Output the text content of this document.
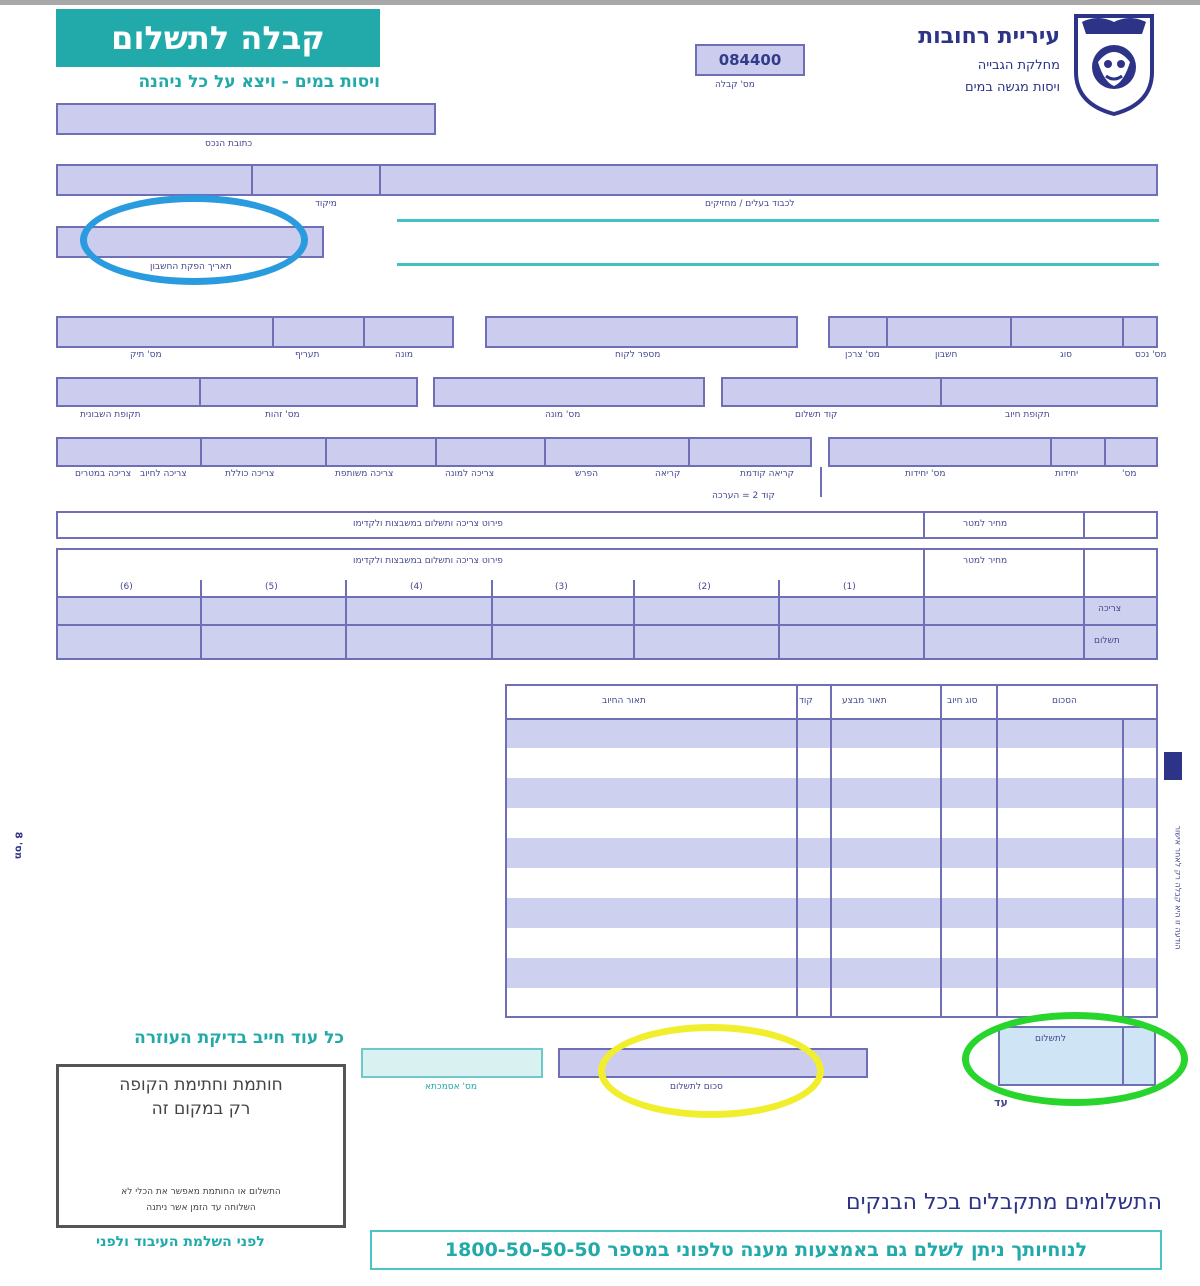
קבלה לתשלום
ויסות במים - ויצא על כל ניהנה
084400
מס' קבלה
עיריית רחובות
מחלקת הגבייה
ויסות מגשה במים
כתובת הנכס
לכבוד בעלים / מחזיקים
מיקוד
תאריך הפקת החשבון
מס' נכס
סוג
חשבון
מס' צרכן
מספר לקוח
מונה
תעריף
מס' תיק
תקופת חיוב
קוד תשלום
מס' מונה
מס' זהות
תקופת השבונית
מס'
יחידות
מס' יחידות
קריאה קודמת
קריאה
הפרש
צריכה למונה
צריכה משותפת
צריכה כוללת
צריכה לחיוב
צריכה במטרים
קוד 2 = הערכה
פירוט צריכה ותשלום במשבצות ולקדימו	מחיר למטר
פירוט צריכה ותשלום במשבצות ולקדימו	מחיר למטר
(6)	(5)	(4)	(3)	(2)	(1)
צריכה
תשלום
תאור החיוב	קוד	תאור מבצע	סוג חיוב	הסכום
הודעה זו היא קבלה רק לאחר אישור
מס' 8
כל עוד חייב בדיקת העוזרה
חותמת וחתימת הקופה
רק במקום זה
התשלום או החותמת מאפשר את הכלי לא
השלוחה עד הזמן אשר ניתנה
לפני השלמת העיבוד ולפני
מס' אסמכתא	סכום לתשלום
לתשלום
עד
התשלומים מתקבלים בכל הבנקים
לנוחיותך ניתן לשלם גם באמצעות מענה טלפוני במספר 1800-50-50-50
